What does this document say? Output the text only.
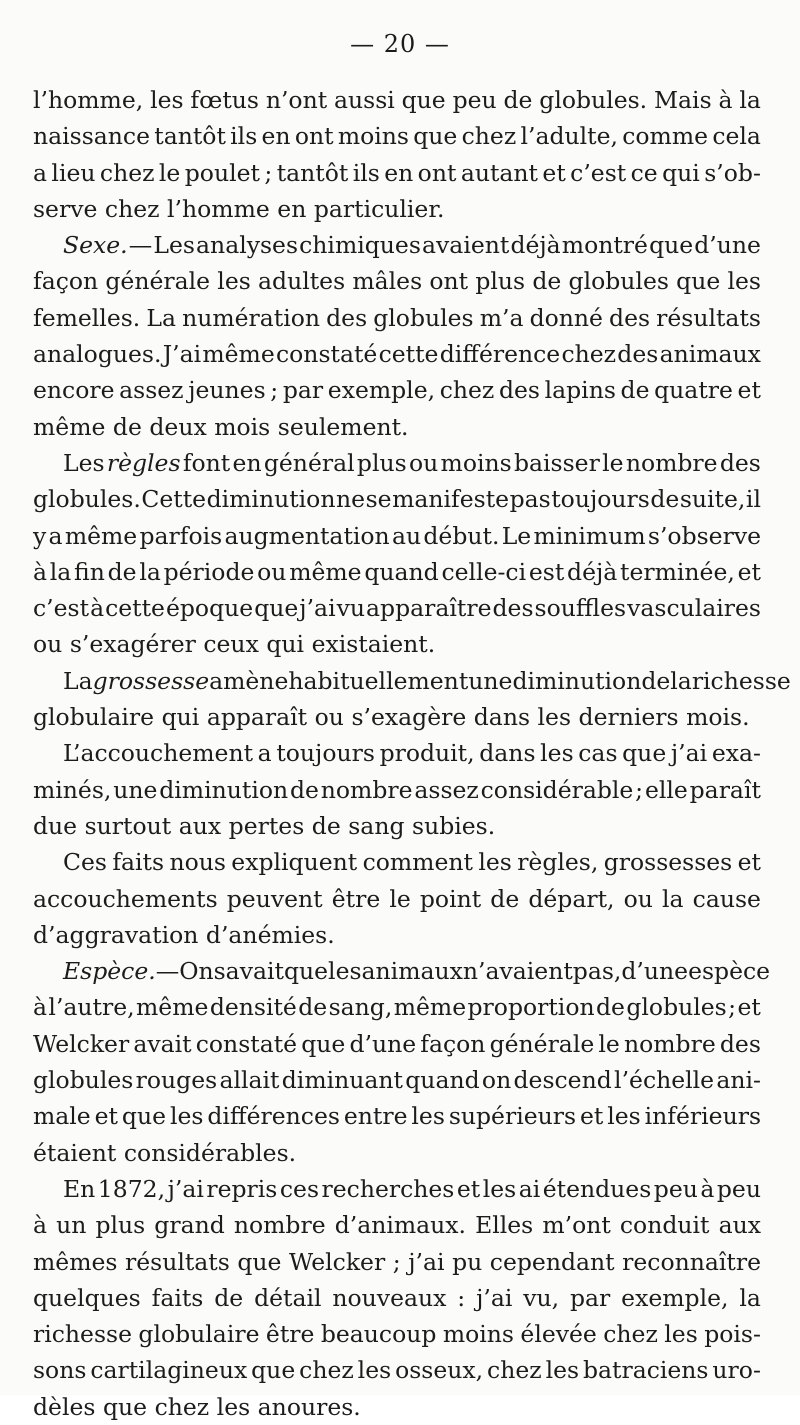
— 20 —
l’homme, les fœtus n’ont aussi que peu de globules. Mais à la
naissance tantôt ils en ont moins que chez l’adulte, comme cela
a lieu chez le poulet ; tantôt ils en ont autant et c’est ce qui s’ob-
serve chez l’homme en particulier.
Sexe. — Les analyses chimiques avaient déjà montré que d’une
façon générale les adultes mâles ont plus de globules que les
femelles. La numération des globules m’a donné des résultats
analogues. J’ai même constaté cette différence chez des animaux
encore assez jeunes ; par exemple, chez des lapins de quatre et
même de deux mois seulement.
Les règles font en général plus ou moins baisser le nombre des
globules. Cette diminution ne se manifeste pas toujours de suite, il
y a même parfois augmentation au début. Le minimum s’observe
à la fin de la période ou même quand celle-ci est déjà terminée, et
c’est à cette époque que j’ai vu apparaître des souffles vasculaires
ou s’exagérer ceux qui existaient.
La grossesse amène habituellement une diminution de la richesse
globulaire qui apparaît ou s’exagère dans les derniers mois.
L’accouchement a toujours produit, dans les cas que j’ai exa-
minés, une diminution de nombre assez considérable ; elle paraît
due surtout aux pertes de sang subies.
Ces faits nous expliquent comment les règles, grossesses et
accouchements peuvent être le point de départ, ou la cause
d’aggravation d’anémies.
Espèce. — On savait que les animaux n’avaient pas, d’une espèce
à l’autre, même densité de sang, même proportion de globules ; et
Welcker avait constaté que d’une façon générale le nombre des
globules rouges allait diminuant quand on descend l’échelle ani-
male et que les différences entre les supérieurs et les inférieurs
étaient considérables.
En 1872, j’ai repris ces recherches et les ai étendues peu à peu
à un plus grand nombre d’animaux. Elles m’ont conduit aux
mêmes résultats que Welcker ; j’ai pu cependant reconnaître
quelques faits de détail nouveaux : j’ai vu, par exemple, la
richesse globulaire être beaucoup moins élevée chez les pois-
sons cartilagineux que chez les osseux, chez les batraciens uro-
dèles que chez les anoures.
